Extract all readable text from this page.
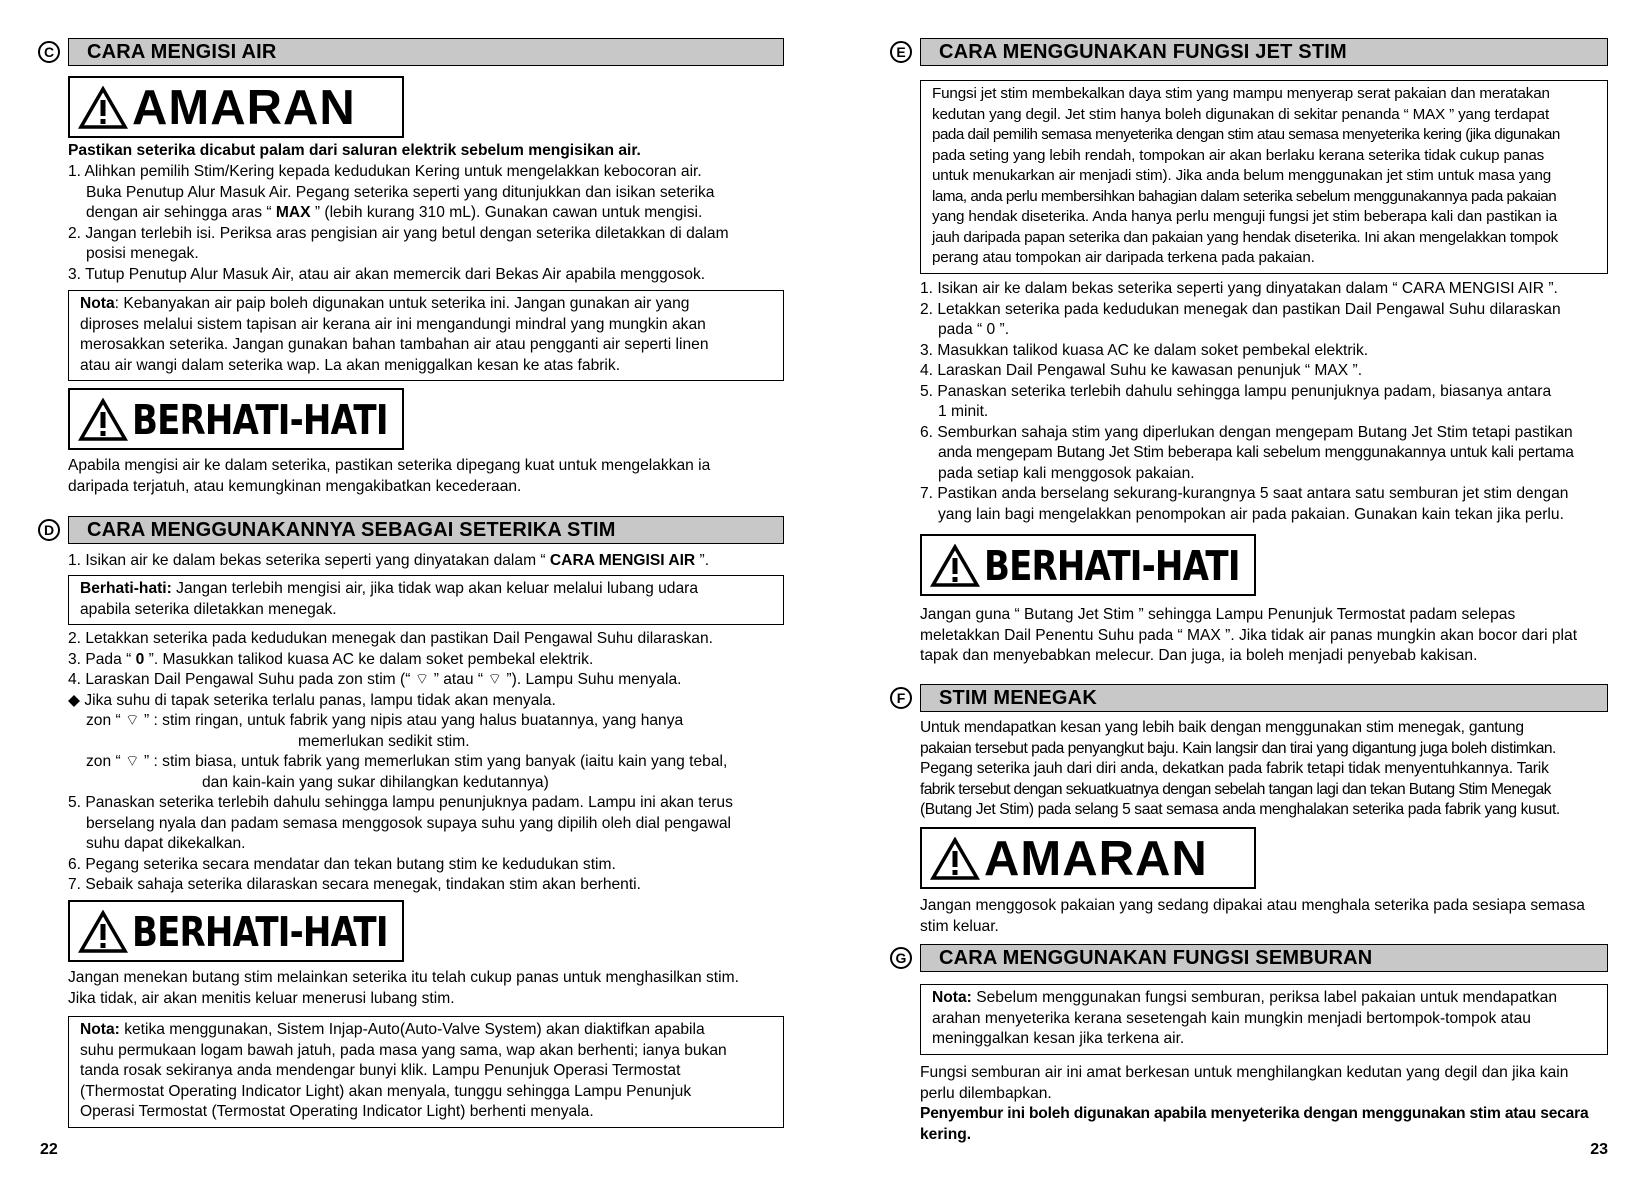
C	CARA MENGISI AIR
AMARAN
Pastikan seterika dicabut palam dari saluran elektrik sebelum mengisikan air.
1. Alihkan pemilih Stim/Kering kepada kedudukan Kering untuk mengelakkan kebocoran air.
Buka Penutup Alur Masuk Air. Pegang seterika seperti yang ditunjukkan dan isikan seterika
dengan air sehingga aras “ MAX ” (lebih kurang 310 mL). Gunakan cawan untuk mengisi.
2. Jangan terlebih isi. Periksa aras pengisian air yang betul dengan seterika diletakkan di dalam
posisi menegak.
3. Tutup Penutup Alur Masuk Air, atau air akan memercik dari Bekas Air apabila menggosok.
Nota: Kebanyakan air paip boleh digunakan untuk seterika ini. Jangan gunakan air yang
diproses melalui sistem tapisan air kerana air ini mengandungi mindral yang mungkin akan
merosakkan seterika. Jangan gunakan bahan tambahan air atau pengganti air seperti linen
atau air wangi dalam seterika wap. La akan meniggalkan kesan ke atas fabrik.
BERHATI-HATI
Apabila mengisi air ke dalam seterika, pastikan seterika dipegang kuat untuk mengelakkan ia
daripada terjatuh, atau kemungkinan mengakibatkan kecederaan.
D	CARA MENGGUNAKANNYA SEBAGAI SETERIKA STIM
1. Isikan air ke dalam bekas seterika seperti yang dinyatakan dalam “ CARA MENGISI AIR ”.
Berhati-hati: Jangan terlebih mengisi air, jika tidak wap akan keluar melalui lubang udara
apabila seterika diletakkan menegak.
2. Letakkan seterika pada kedudukan menegak dan pastikan Dail Pengawal Suhu dilaraskan.
3. Pada “ 0 ”. Masukkan talikod kuasa AC ke dalam soket pembekal elektrik.
4. Laraskan Dail Pengawal Suhu pada zon stim (“ ⌔ ” atau “ ⌔ ”). Lampu Suhu menyala.
◆ Jika suhu di tapak seterika terlalu panas, lampu tidak akan menyala.
zon “ ⌔ ” : stim ringan, untuk fabrik yang nipis atau yang halus buatannya, yang hanya
memerlukan sedikit stim.
zon “ ⌔ ” : stim biasa, untuk fabrik yang memerlukan stim yang banyak (iaitu kain yang tebal,
dan kain-kain yang sukar dihilangkan kedutannya)
5. Panaskan seterika terlebih dahulu sehingga lampu penunjuknya padam. Lampu ini akan terus
berselang nyala dan padam semasa menggosok supaya suhu yang dipilih oleh dial pengawal
suhu dapat dikekalkan.
6. Pegang seterika secara mendatar dan tekan butang stim ke kedudukan stim.
7. Sebaik sahaja seterika dilaraskan secara menegak, tindakan stim akan berhenti.
BERHATI-HATI
Jangan menekan butang stim melainkan seterika itu telah cukup panas untuk menghasilkan stim.
Jika tidak, air akan menitis keluar menerusi lubang stim.
Nota: ketika menggunakan, Sistem Injap-Auto(Auto-Valve System) akan diaktifkan apabila
suhu permukaan logam bawah jatuh, pada masa yang sama, wap akan berhenti; ianya bukan
tanda rosak sekiranya anda mendengar bunyi klik. Lampu Penunjuk Operasi Termostat
(Thermostat Operating Indicator Light) akan menyala, tunggu sehingga Lampu Penunjuk
Operasi Termostat (Termostat Operating Indicator Light) berhenti menyala.
22
E	CARA MENGGUNAKAN FUNGSI JET STIM
Fungsi jet stim membekalkan daya stim yang mampu menyerap serat pakaian dan meratakan
kedutan yang degil. Jet stim hanya boleh digunakan di sekitar penanda “ MAX ” yang terdapat
pada dail pemilih semasa menyeterika dengan stim atau semasa menyeterika kering (jika digunakan
pada seting yang lebih rendah, tompokan air akan berlaku kerana seterika tidak cukup panas
untuk menukarkan air menjadi stim). Jika anda belum menggunakan jet stim untuk masa yang
lama, anda perlu membersihkan bahagian dalam seterika sebelum menggunakannya pada pakaian
yang hendak diseterika. Anda hanya perlu menguji fungsi jet stim beberapa kali dan pastikan ia
jauh daripada papan seterika dan pakaian yang hendak diseterika. Ini akan mengelakkan tompok
perang atau tompokan air daripada terkena pada pakaian.
1. Isikan air ke dalam bekas seterika seperti yang dinyatakan dalam “ CARA MENGISI AIR ”.
2. Letakkan seterika pada kedudukan menegak dan pastikan Dail Pengawal Suhu dilaraskan
pada “ 0 ”.
3. Masukkan talikod kuasa AC ke dalam soket pembekal elektrik.
4. Laraskan Dail Pengawal Suhu ke kawasan penunjuk “ MAX ”.
5. Panaskan seterika terlebih dahulu sehingga lampu penunjuknya padam, biasanya antara
1 minit.
6. Semburkan sahaja stim yang diperlukan dengan mengepam Butang Jet Stim tetapi pastikan
anda mengepam Butang Jet Stim beberapa kali sebelum menggunakannya untuk kali pertama
pada setiap kali menggosok pakaian.
7. Pastikan anda berselang sekurang-kurangnya 5 saat antara satu semburan jet stim dengan
yang lain bagi mengelakkan penompokan air pada pakaian. Gunakan kain tekan jika perlu.
BERHATI-HATI
Jangan guna “ Butang Jet Stim ” sehingga Lampu Penunjuk Termostat padam selepas
meletakkan Dail Penentu Suhu pada “ MAX ”. Jika tidak air panas mungkin akan bocor dari plat
tapak dan menyebabkan melecur. Dan juga, ia boleh menjadi penyebab kakisan.
F	STIM MENEGAK
Untuk mendapatkan kesan yang lebih baik dengan menggunakan stim menegak, gantung
pakaian tersebut pada penyangkut baju. Kain langsir dan tirai yang digantung juga boleh distimkan.
Pegang seterika jauh dari diri anda, dekatkan pada fabrik tetapi tidak menyentuhkannya. Tarik
fabrik tersebut dengan sekuatkuatnya dengan sebelah tangan lagi dan tekan Butang Stim Menegak
(Butang Jet Stim) pada selang 5 saat semasa anda menghalakan seterika pada fabrik yang kusut.
AMARAN
Jangan menggosok pakaian yang sedang dipakai atau menghala seterika pada sesiapa semasa
stim keluar.
G	CARA MENGGUNAKAN FUNGSI SEMBURAN
Nota: Sebelum menggunakan fungsi semburan, periksa label pakaian untuk mendapatkan
arahan menyeterika kerana sesetengah kain mungkin menjadi bertompok-tompok atau
meninggalkan kesan jika terkena air.
Fungsi semburan air ini amat berkesan untuk menghilangkan kedutan yang degil dan jika kain
perlu dilembapkan.
Penyembur ini boleh digunakan apabila menyeterika dengan menggunakan stim atau secara
kering.
23
